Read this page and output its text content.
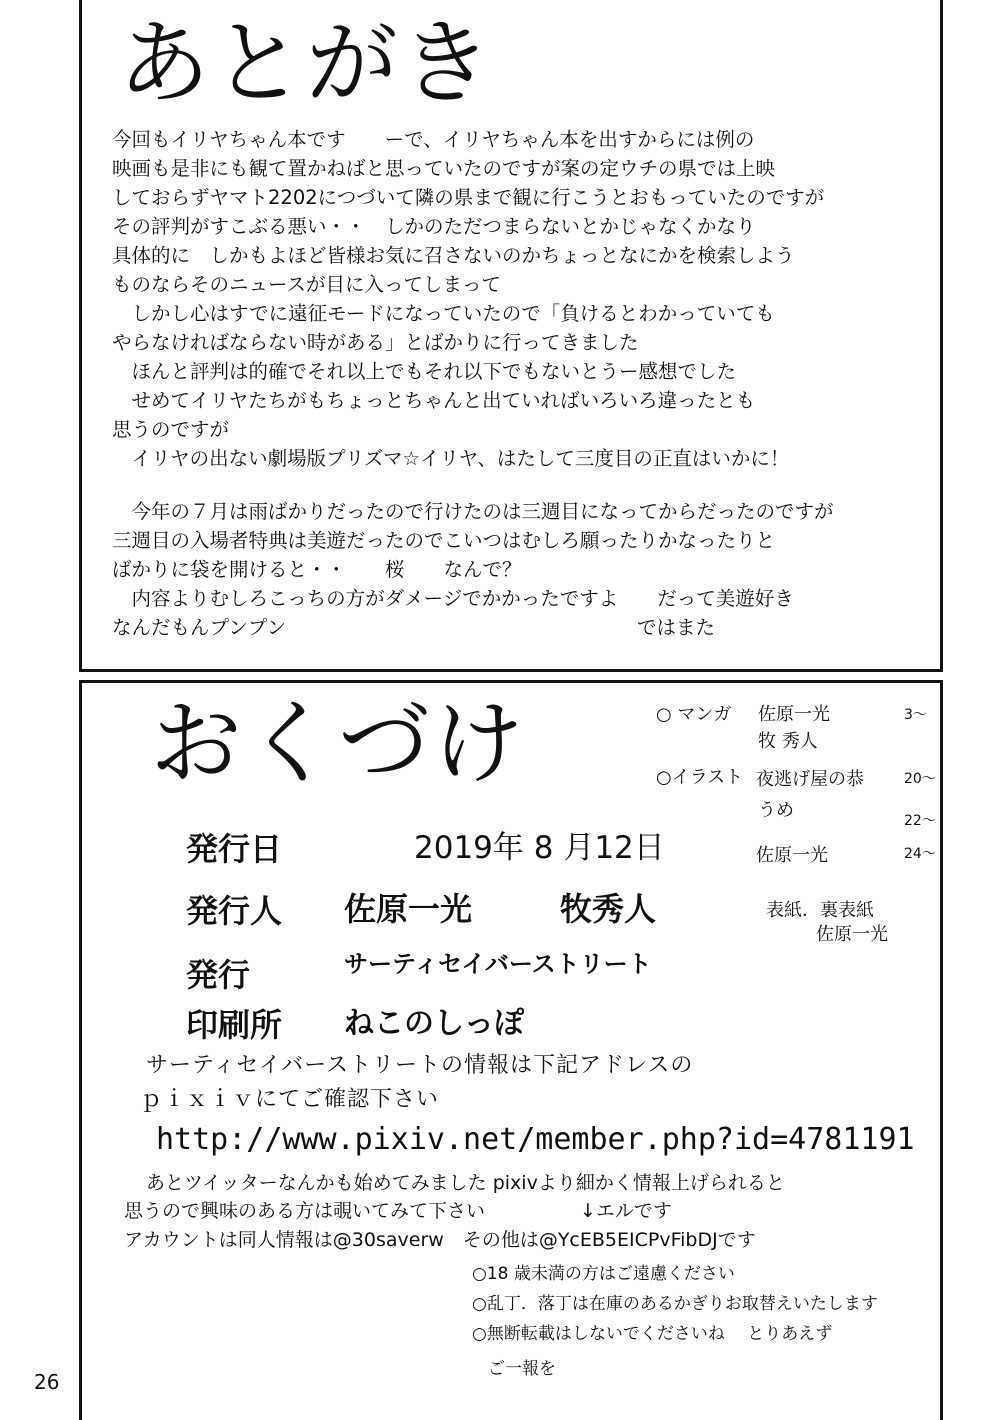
あとがき
今回もイリヤちゃん本です　　ーで、イリヤちゃん本を出すからには例の
映画も是非にも観て置かねばと思っていたのですが案の定ウチの県では上映
しておらずヤマト2202につづいて隣の県まで観に行こうとおもっていたのですが
その評判がすこぶる悪い・・　しかのただつまらないとかじゃなくかなり
具体的に　しかもよほど皆様お気に召さないのかちょっとなにかを検索しよう
ものならそのニュースが目に入ってしまって
　しかし心はすでに遠征モードになっていたので「負けるとわかっていても
やらなければならない時がある」とばかりに行ってきました
　ほんと評判は的確でそれ以上でもそれ以下でもないとうー感想でした
　せめてイリヤたちがもちょっとちゃんと出ていればいろいろ違ったとも
思うのですが
　イリヤの出ない劇場版プリズマ☆イリヤ、はたして三度目の正直はいかに！
　今年の７月は雨ばかりだったので行けたのは三週目になってからだったのですが
三週目の入場者特典は美遊だったのでこいつはむしろ願ったりかなったりと
ばかりに袋を開けると・・　　桜　　なんで？
　内容よりむしろこっちの方がダメージでかかったですよ　　だって美遊好き
なんだもんプンプン　　　　　　　　　　　　　　　　　　ではまた
おくづけ
発行日	2019年 8 月12日
発行人 佐原一光	牧秀人
発行	サーティセイバーストリート
印刷所 ねこのしっぽ
○ マンガ 佐原一光	3～
牧 秀人
○イラスト 夜逃げ屋の恭	20～
うめ	22～
佐原一光	24～
表紙．裏表紙
佐原一光
サーティセイバーストリートの情報は下記アドレスの
ｐｉｘｉｖにてご確認下さい
http://www.pixiv.net/member.php?id=4781191
あとツイッターなんかも始めてみました pixivより細かく情報上げられると
思うので興味のある方は覗いてみて下さい　　　　　↓エルです
アカウントは同人情報は@30saverw　その他は@YcEB5EICPvFibDJです
○18 歳未満の方はご遠慮ください
○乱丁．落丁は在庫のあるかぎりお取替えいたします
○無断転載はしないでくださいね　 とりあえず
ご一報を
26
